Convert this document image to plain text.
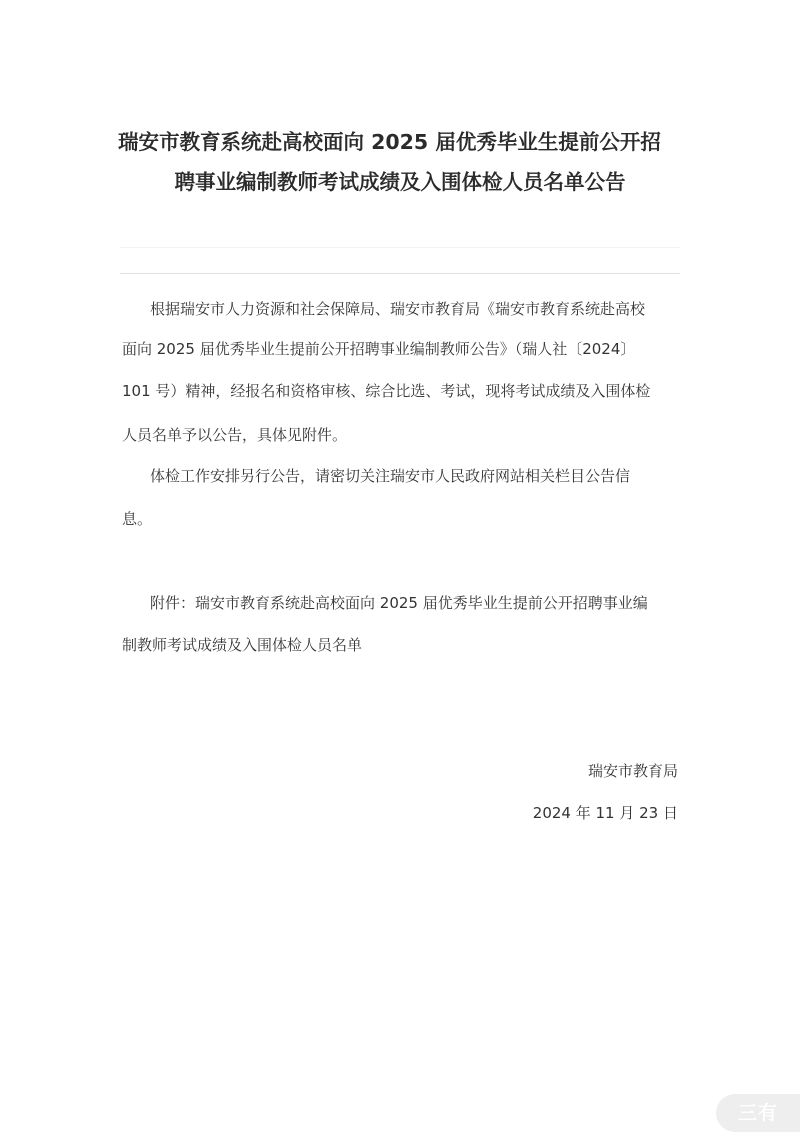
瑞安市教育系统赴高校面向 2025 届优秀毕业生提前公开招
聘事业编制教师考试成绩及入围体检人员名单公告
根据瑞安市人力资源和社会保障局、瑞安市教育局《瑞安市教育系统赴高校
面向 2025 届优秀毕业生提前公开招聘事业编制教师公告》（瑞人社〔2024〕
101 号）精神，经报名和资格审核、综合比选、考试，现将考试成绩及入围体检
人员名单予以公告，具体见附件。
体检工作安排另行公告，请密切关注瑞安市人民政府网站相关栏目公告信
息。
附件：瑞安市教育系统赴高校面向 2025 届优秀毕业生提前公开招聘事业编
制教师考试成绩及入围体检人员名单
瑞安市教育局
2024 年 11 月 23 日
三有
